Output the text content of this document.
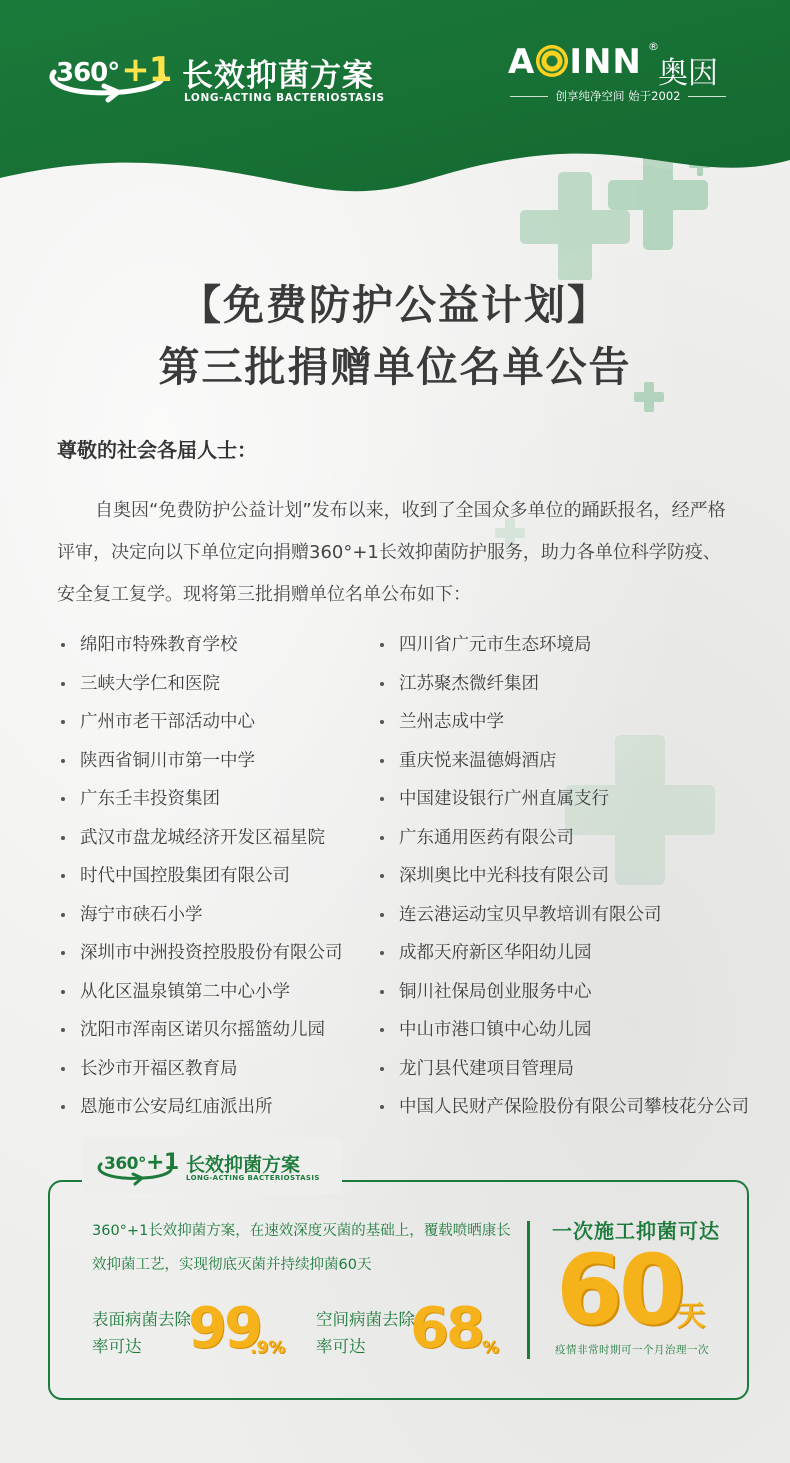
360°+1 长效抑菌方案
LONG-ACTING BACTERIOSTASIS
A INN ®
奥因
创享纯净空间 始于2002
【免费防护公益计划】
第三批捐赠单位名单公告
尊敬的社会各届人士：

自奥因“免费防护公益计划”发布以来，收到了全国众多单位的踊跃报名，经严格评审，决定向以下单位定向捐赠360°+1长效抑菌防护服务，助力各单位科学防疫、安全复工复学。现将第三批捐赠单位名单公布如下：

绵阳市特殊教育学校
三峡大学仁和医院
广州市老干部活动中心
陕西省铜川市第一中学
广东壬丰投资集团
武汉市盘龙城经济开发区福星院
时代中国控股集团有限公司
海宁市硖石小学
深圳市中洲投资控股股份有限公司
从化区温泉镇第二中心小学
沈阳市浑南区诺贝尔摇篮幼儿园
长沙市开福区教育局
恩施市公安局红庙派出所
四川省广元市生态环境局
江苏聚杰微纤集团
兰州志成中学
重庆悦来温德姆酒店
中国建设银行广州直属支行
广东通用医药有限公司
深圳奥比中光科技有限公司
连云港运动宝贝早教培训有限公司
成都天府新区华阳幼儿园
铜川社保局创业服务中心
中山市港口镇中心幼儿园
龙门县代建项目管理局
中国人民财产保险股份有限公司攀枝花分公司
360°+1 长效抑菌方案
LONG-ACTING BACTERIOSTASIS

360°+1长效抑菌方案，在速效深度灭菌的基础上，覆载喷晒康长效抑菌工艺，实现彻底灭菌并持续抑菌60天

表面病菌去除率可达 99
.9%
空间病菌去除率可达 68 %
一次施工抑菌可达
60
天
疫情非常时期可一个月治理一次
